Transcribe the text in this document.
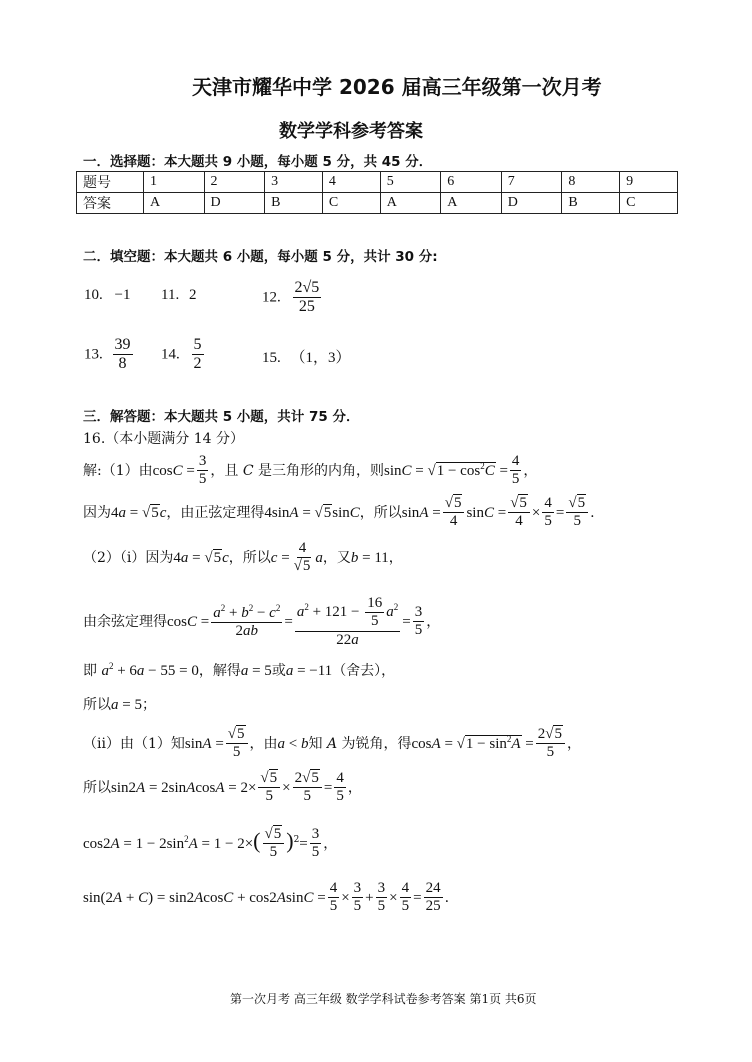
天津市耀华中学 2026 届高三年级第一次月考
数学学科参考答案
一．选择题：本大题共 9 小题，每小题 5 分，共 45 分．
题号	1	2	3	4	5	6	7	8	9
答案	A	D	B	C	A	A	D	B	C
二．填空题：本大题共 6 小题，每小题 5 分，共计 30 分:
10. −1 11. 2	12. $\frac{2√5}{25}$
13. $\frac{39}{8} 14$. $\frac{5}{2}$	15. （1，3）
三．解答题：本大题共 5 小题，共计 75 分．
16.（本小题满分 14 分）
解:（1）由$\cos C = \frac{3}{5}$ ，且 C 是三角形的内角，则sinC = √ $1 - \cos^2C = \frac{4}{5}$ ，
因为4a = √ 5c，由正弦定理得4sinA = √ 5sinC，所以sinA = √ $\frac{5}{4}$ sinC = √ $\frac{5}{4} \times \frac{4}{5}$ = √ $\frac{5}{5}$ .
（2）（i）因为4a = √ 5c，所以c = 4
√ 5 a，又b = 11，
由余弦定理得$\cos C = \frac{a^2 + b^2 - c^2}{2ab} = \frac{a^2 + 121 - \frac{16}{5} a^2}{22a} = \frac{3}{5}$ ，
即 $a^2 + 6a - 55 = 0$，解得a = 5或a = −11（舍去），
所以a = 5；
（ii）由（1）知sinA = √ $\frac{5}{5}$ ，由a < b知 A 为锐角，得cosA = √ $1 - \sin^2A = \frac{2 √ 5}{5}$ ，
所以sin2A = 2sinAcosA = 2× √ $\frac{5}{5} \times \frac{2 √ 5}{5} = \frac{4}{5}$ ，
$\cos 2A = 1 - 2\sin^2A = 1 - 2\times$( √ $\frac{5}{5} )^2= \frac{3}{5}$ ，
$\sin(2A + C) = \sin 2AcosC + \cos 2AsinC = \frac{4}{5} \times \frac{3}{5} + \frac{3}{5} \times \frac{4}{5} = \frac{24}{25}$ .
第一次月考 高三年级 数学学科试卷参考答案 第1页 共6页
